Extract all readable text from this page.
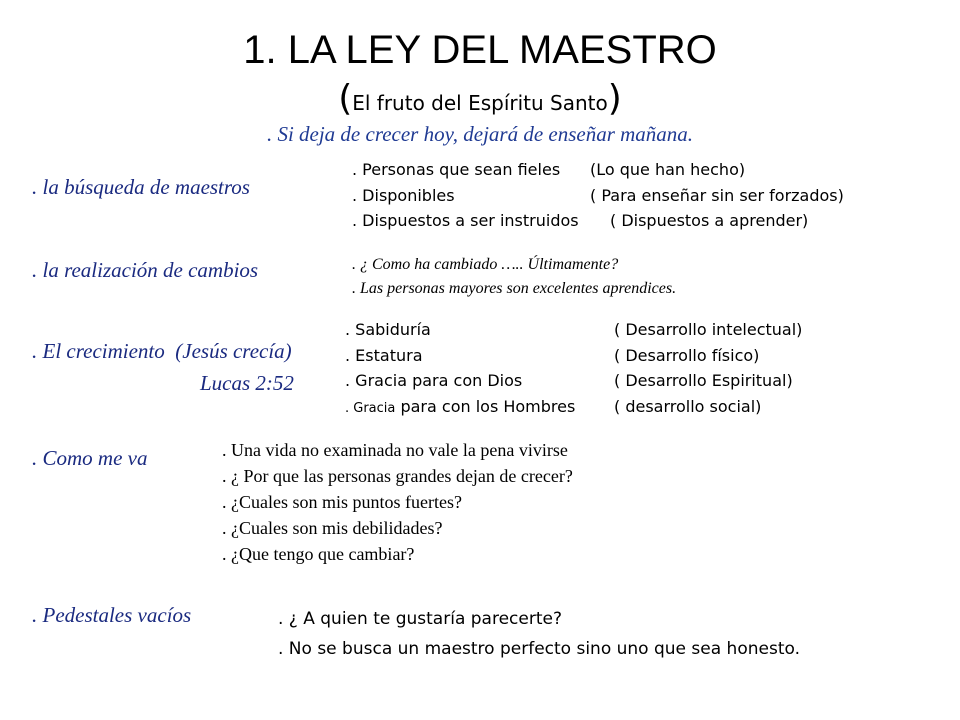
1. LA LEY DEL MAESTRO
(El fruto del Espíritu Santo)
. Si deja de crecer hoy, dejará de enseñar mañana.
. la búsqueda de maestros
. Personas que sean fieles (Lo que han hecho)
. Disponibles	( Para enseñar sin ser forzados)
. Dispuestos a ser instruidos ( Dispuestos a aprender)
. la realización de cambios	. ¿ Como ha cambiado ….. Últimamente?
. Las personas mayores son excelentes aprendices.
. El crecimiento  (Jesús crecía)
Lucas 2:52
. Sabiduría	( Desarrollo intelectual)
. Estatura	( Desarrollo físico)
. Gracia para con Dios	( Desarrollo Espiritual)
. Gracia para con los Hombres ( desarrollo social)
. Como me va	. Una vida no examinada no vale la pena vivirse
. ¿ Por que las personas grandes dejan de crecer?
. ¿Cuales son mis puntos fuertes?
. ¿Cuales son mis debilidades?
. ¿Que tengo que cambiar?
. Pedestales vacíos	. ¿ A quien te gustaría parecerte?
. No se busca un maestro perfecto sino uno que sea honesto.
